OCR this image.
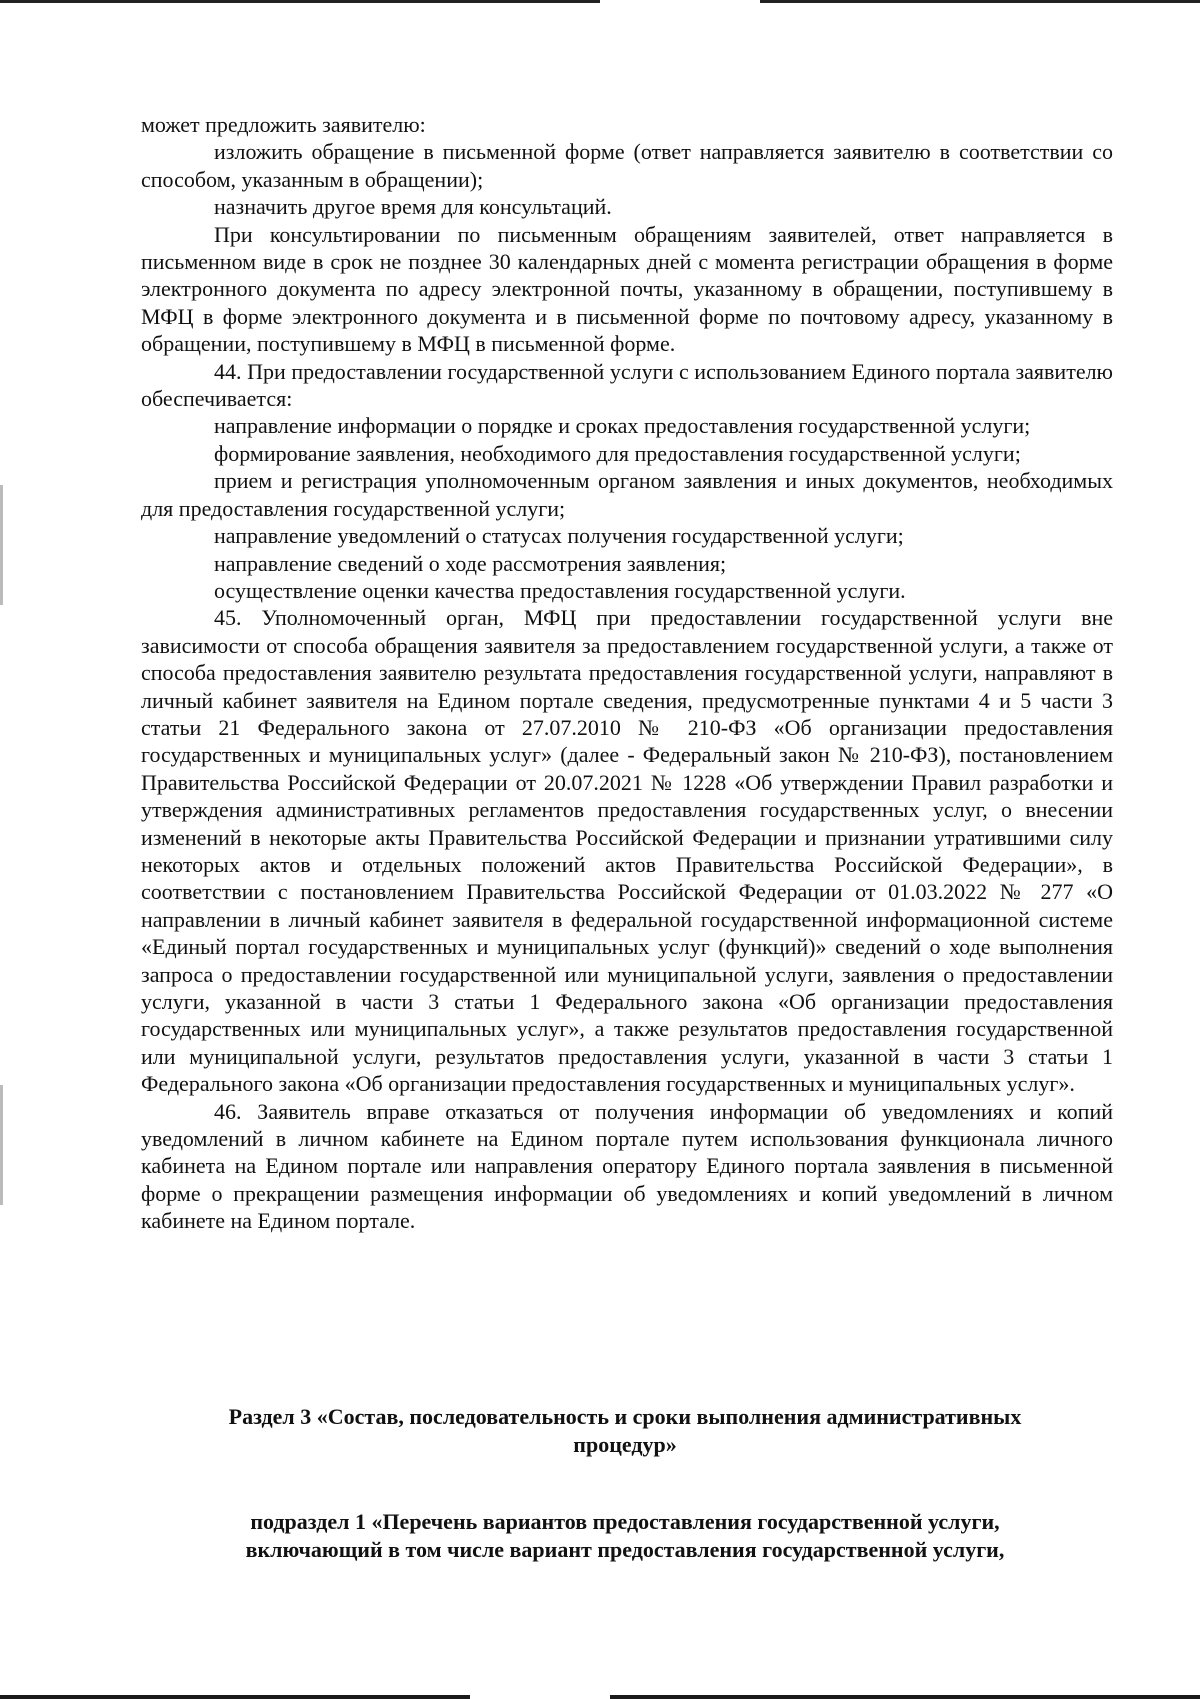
может предложить заявителю:

изложить обращение в письменной форме (ответ направляется заявителю в соответствии со способом, указанным в обращении);

назначить другое время для консультаций.

При консультировании по письменным обращениям заявителей, ответ направляется в письменном виде в срок не позднее 30 календарных дней с момента регистрации обращения в форме электронного документа по адресу электронной почты, указанному в обращении, поступившему в МФЦ в форме электронного документа и в письменной форме по почтовому адресу, указанному в обращении, поступившему в МФЦ в письменной форме.

44. При предоставлении государственной услуги с использованием Единого портала заявителю обеспечивается:

направление информации о порядке и сроках предоставления государственной услуги;

формирование заявления, необходимого для предоставления государственной услуги;

прием и регистрация уполномоченным органом заявления и иных документов, необходимых для предоставления государственной услуги;

направление уведомлений о статусах получения государственной услуги;

направление сведений о ходе рассмотрения заявления;

осуществление оценки качества предоставления государственной услуги.

45. Уполномоченный орган, МФЦ при предоставлении государственной услуги вне зависимости от способа обращения заявителя за предоставлением государственной услуги, а также от способа предоставления заявителю результата предоставления государственной услуги, направляют в личный кабинет заявителя на Едином портале сведения, предусмотренные пунктами 4 и 5 части 3 статьи 21 Федерального закона от 27.07.2010 № 210-ФЗ «Об организации предоставления государственных и муниципальных услуг» (далее - Федеральный закон № 210-ФЗ), постановлением Правительства Российской Федерации от 20.07.2021 № 1228 «Об утверждении Правил разработки и утверждения административных регламентов предоставления государственных услуг, о внесении изменений в некоторые акты Правительства Российской Федерации и признании утратившими силу некоторых актов и отдельных положений актов Правительства Российской Федерации», в соответствии с постановлением Правительства Российской Федерации от 01.03.2022 № 277 «О направлении в личный кабинет заявителя в федеральной государственной информационной системе «Единый портал государственных и муниципальных услуг (функций)» сведений о ходе выполнения запроса о предоставлении государственной или муниципальной услуги, заявления о предоставлении услуги, указанной в части 3 статьи 1 Федерального закона «Об организации предоставления государственных или муниципальных услуг», а также результатов предоставления государственной или муниципальной услуги, результатов предоставления услуги, указанной в части 3 статьи 1 Федерального закона «Об организации предоставления государственных и муниципальных услуг».

46. Заявитель вправе отказаться от получения информации об уведомлениях и копий уведомлений в личном кабинете на Едином портале путем использования функционала личного кабинета на Едином портале или направления оператору Единого портала заявления в письменной форме о прекращении размещения информации об уведомлениях и копий уведомлений в личном кабинете на Едином портале.

Раздел 3 «Состав, последовательность и сроки выполнения административных
процедур»
подраздел 1 «Перечень вариантов предоставления государственной услуги,
включающий в том числе вариант предоставления государственной услуги,
